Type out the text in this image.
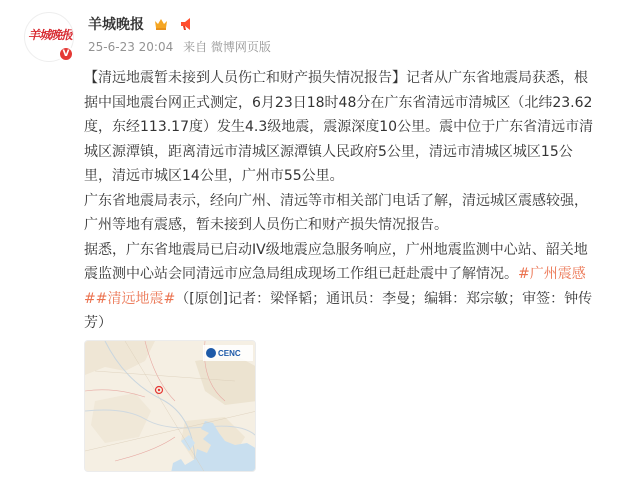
羊城晚报
V
羊城晚报
25-6-23 20:04 来自 微博网页版
【清远地震暂未接到人员伤亡和财产损失情况报告】记者从广东省地震局获悉，根
据中国地震台网正式测定，6月23日18时48分在广东省清远市清城区（北纬23.62
度，东经113.17度）发生4.3级地震，震源深度10公里。震中位于广东省清远市清
城区源潭镇，距离清远市清城区源潭镇人民政府5公里，清远市清城区城区15公
里，清远市城区14公里，广州市55公里。
广东省地震局表示，经向广州、清远等市相关部门电话了解，清远城区震感较强，
广州等地有震感，暂未接到人员伤亡和财产损失情况报告。
据悉，广东省地震局已启动IV级地震应急服务响应，广州地震监测中心站、韶关地
震监测中心站会同清远市应急局组成现场工作组已赶赴震中了解情况。#广州震感
##清远地震#（[原创]记者：梁怿韬；通讯员：李曼；编辑：郑宗敏；审签：钟传
芳）
CENC
